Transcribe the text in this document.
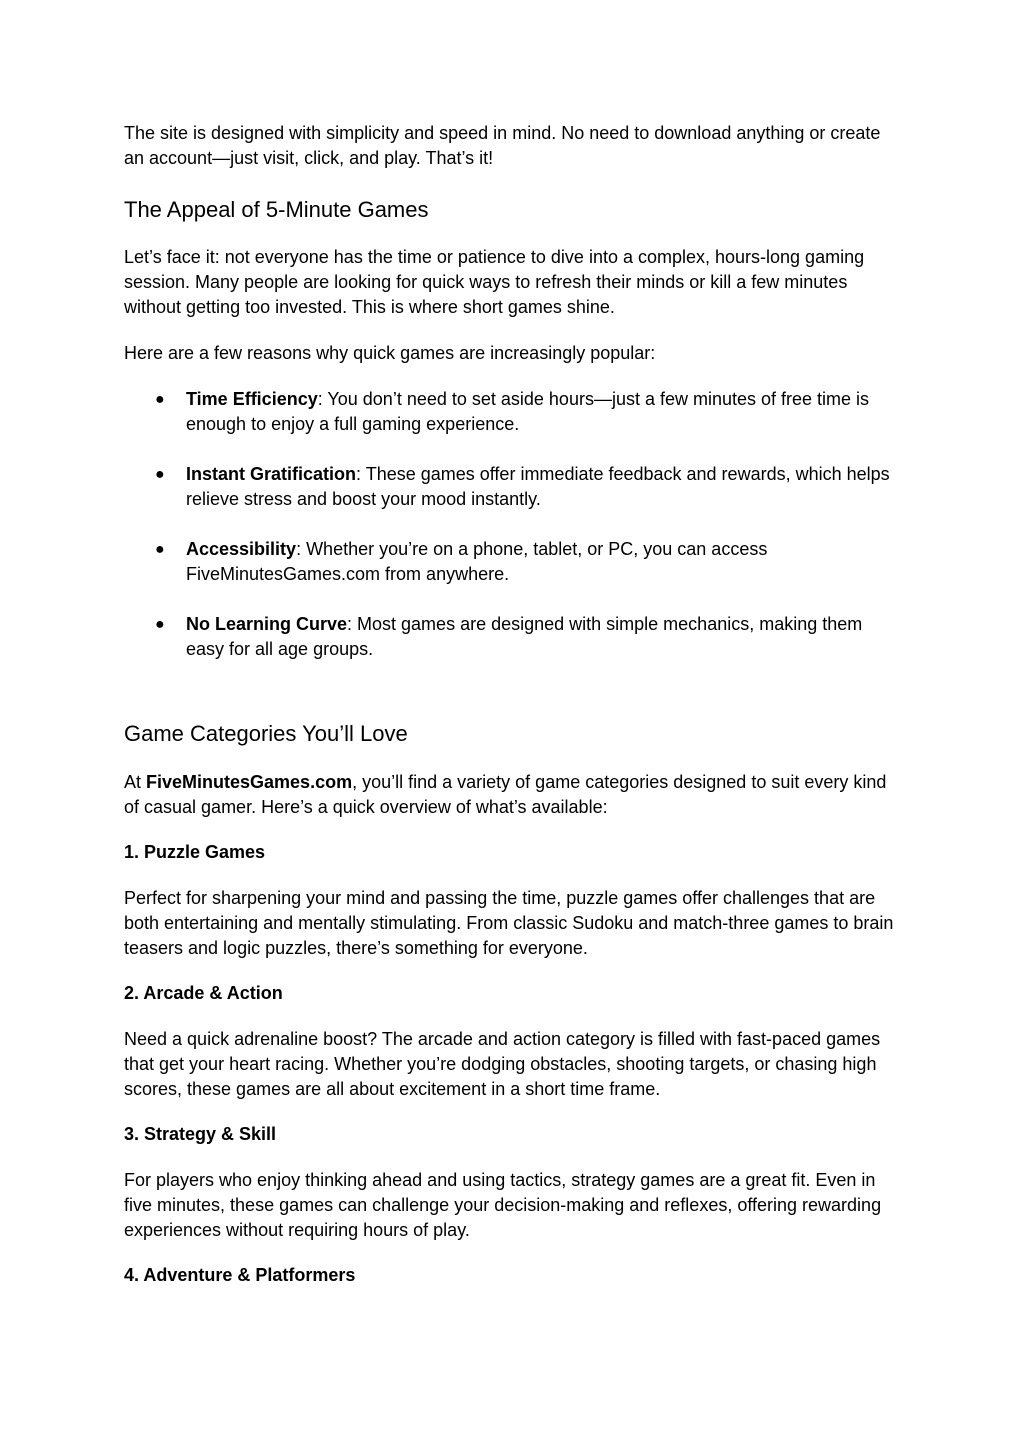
The site is designed with simplicity and speed in mind. No need to download anything or create an account—just visit, click, and play. That’s it!

The Appeal of 5-Minute Games

Let’s face it: not everyone has the time or patience to dive into a complex, hours-long gaming session. Many people are looking for quick ways to refresh their minds or kill a few minutes without getting too invested. This is where short games shine.

Here are a few reasons why quick games are increasingly popular:

● Time Efficiency: You don’t need to set aside hours—just a few minutes of free time is enough to enjoy a full gaming experience.
● Instant Gratification: These games offer immediate feedback and rewards, which helps relieve stress and boost your mood instantly.
● Accessibility: Whether you’re on a phone, tablet, or PC, you can access FiveMinutesGames.com from anywhere.
● No Learning Curve: Most games are designed with simple mechanics, making them easy for all age groups.
Game Categories You’ll Love

At FiveMinutesGames.com, you’ll find a variety of game categories designed to suit every kind of casual gamer. Here’s a quick overview of what’s available:

1. Puzzle Games

Perfect for sharpening your mind and passing the time, puzzle games offer challenges that are both entertaining and mentally stimulating. From classic Sudoku and match-three games to brain teasers and logic puzzles, there’s something for everyone.

2. Arcade & Action

Need a quick adrenaline boost? The arcade and action category is filled with fast-paced games that get your heart racing. Whether you’re dodging obstacles, shooting targets, or chasing high scores, these games are all about excitement in a short time frame.

3. Strategy & Skill

For players who enjoy thinking ahead and using tactics, strategy games are a great fit. Even in five minutes, these games can challenge your decision-making and reflexes, offering rewarding experiences without requiring hours of play.

4. Adventure & Platformers
